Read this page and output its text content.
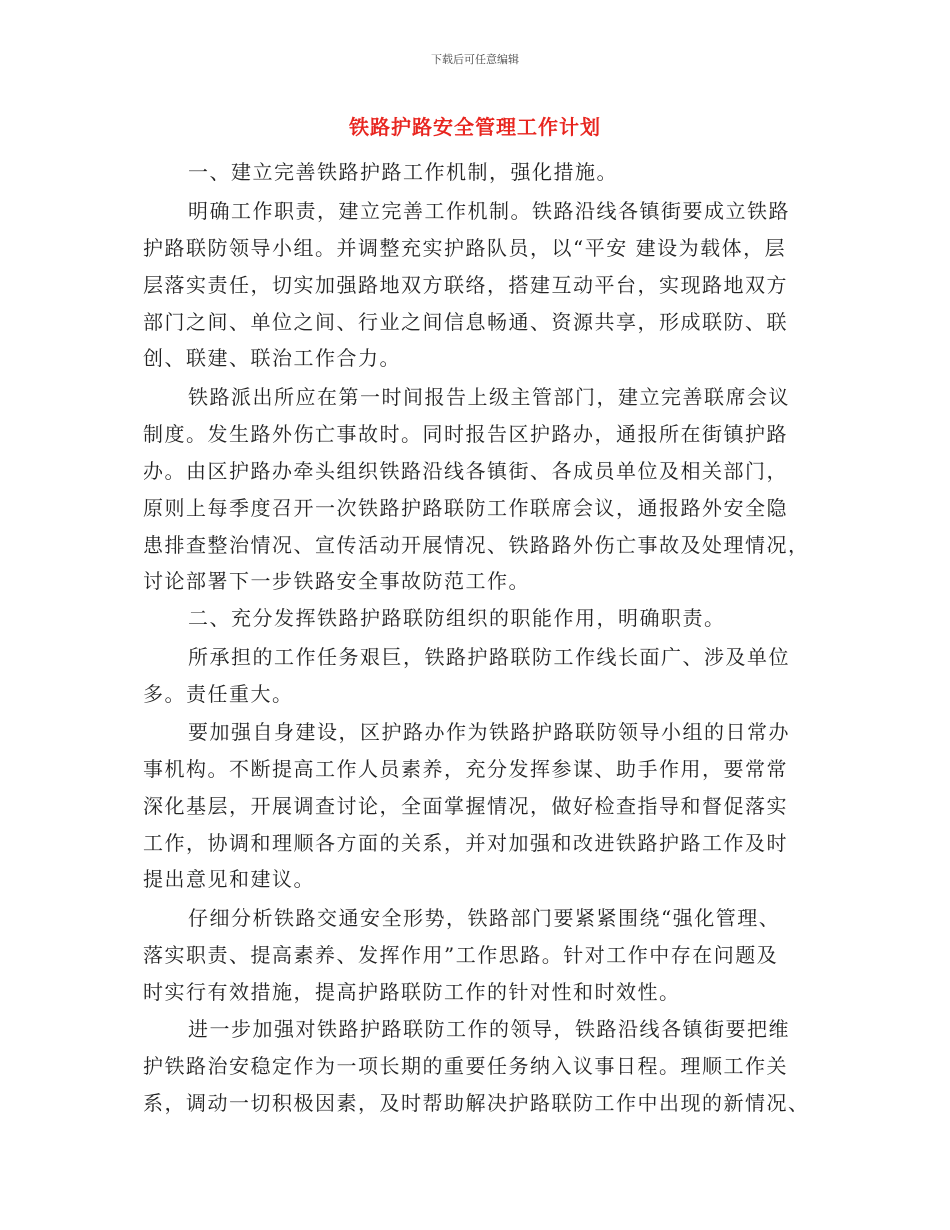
下载后可任意编辑

铁路护路安全管理工作计划

一、建立完善铁路护路工作机制，强化措施。

明确工作职责，建立完善工作机制。铁路沿线各镇街要成立铁路

护路联防领导小组。并调整充实护路队员，以“平安 建设为载体，层

层落实责任，切实加强路地双方联络，搭建互动平台，实现路地双方

部门之间、单位之间、行业之间信息畅通、资源共享，形成联防、联

创、联建、联治工作合力。

铁路派出所应在第一时间报告上级主管部门，建立完善联席会议

制度。发生路外伤亡事故时。同时报告区护路办，通报所在街镇护路

办。由区护路办牵头组织铁路沿线各镇街、各成员单位及相关部门，

原则上每季度召开一次铁路护路联防工作联席会议，通报路外安全隐

患排查整治情况、宣传活动开展情况、铁路路外伤亡事故及处理情况，

讨论部署下一步铁路安全事故防范工作。

二、充分发挥铁路护路联防组织的职能作用，明确职责。

所承担的工作任务艰巨，铁路护路联防工作线长面广、涉及单位

多。责任重大。

要加强自身建设，区护路办作为铁路护路联防领导小组的日常办

事机构。不断提高工作人员素养，充分发挥参谋、助手作用，要常常

深化基层，开展调查讨论，全面掌握情况，做好检查指导和督促落实

工作，协调和理顺各方面的关系，并对加强和改进铁路护路工作及时

提出意见和建议。

仔细分析铁路交通安全形势，铁路部门要紧紧围绕“强化管理、

落实职责、提高素养、发挥作用”工作思路。针对工作中存在问题及

时实行有效措施，提高护路联防工作的针对性和时效性。

进一步加强对铁路护路联防工作的领导，铁路沿线各镇街要把维

护铁路治安稳定作为一项长期的重要任务纳入议事日程。理顺工作关

系，调动一切积极因素，及时帮助解决护路联防工作中出现的新情况、
